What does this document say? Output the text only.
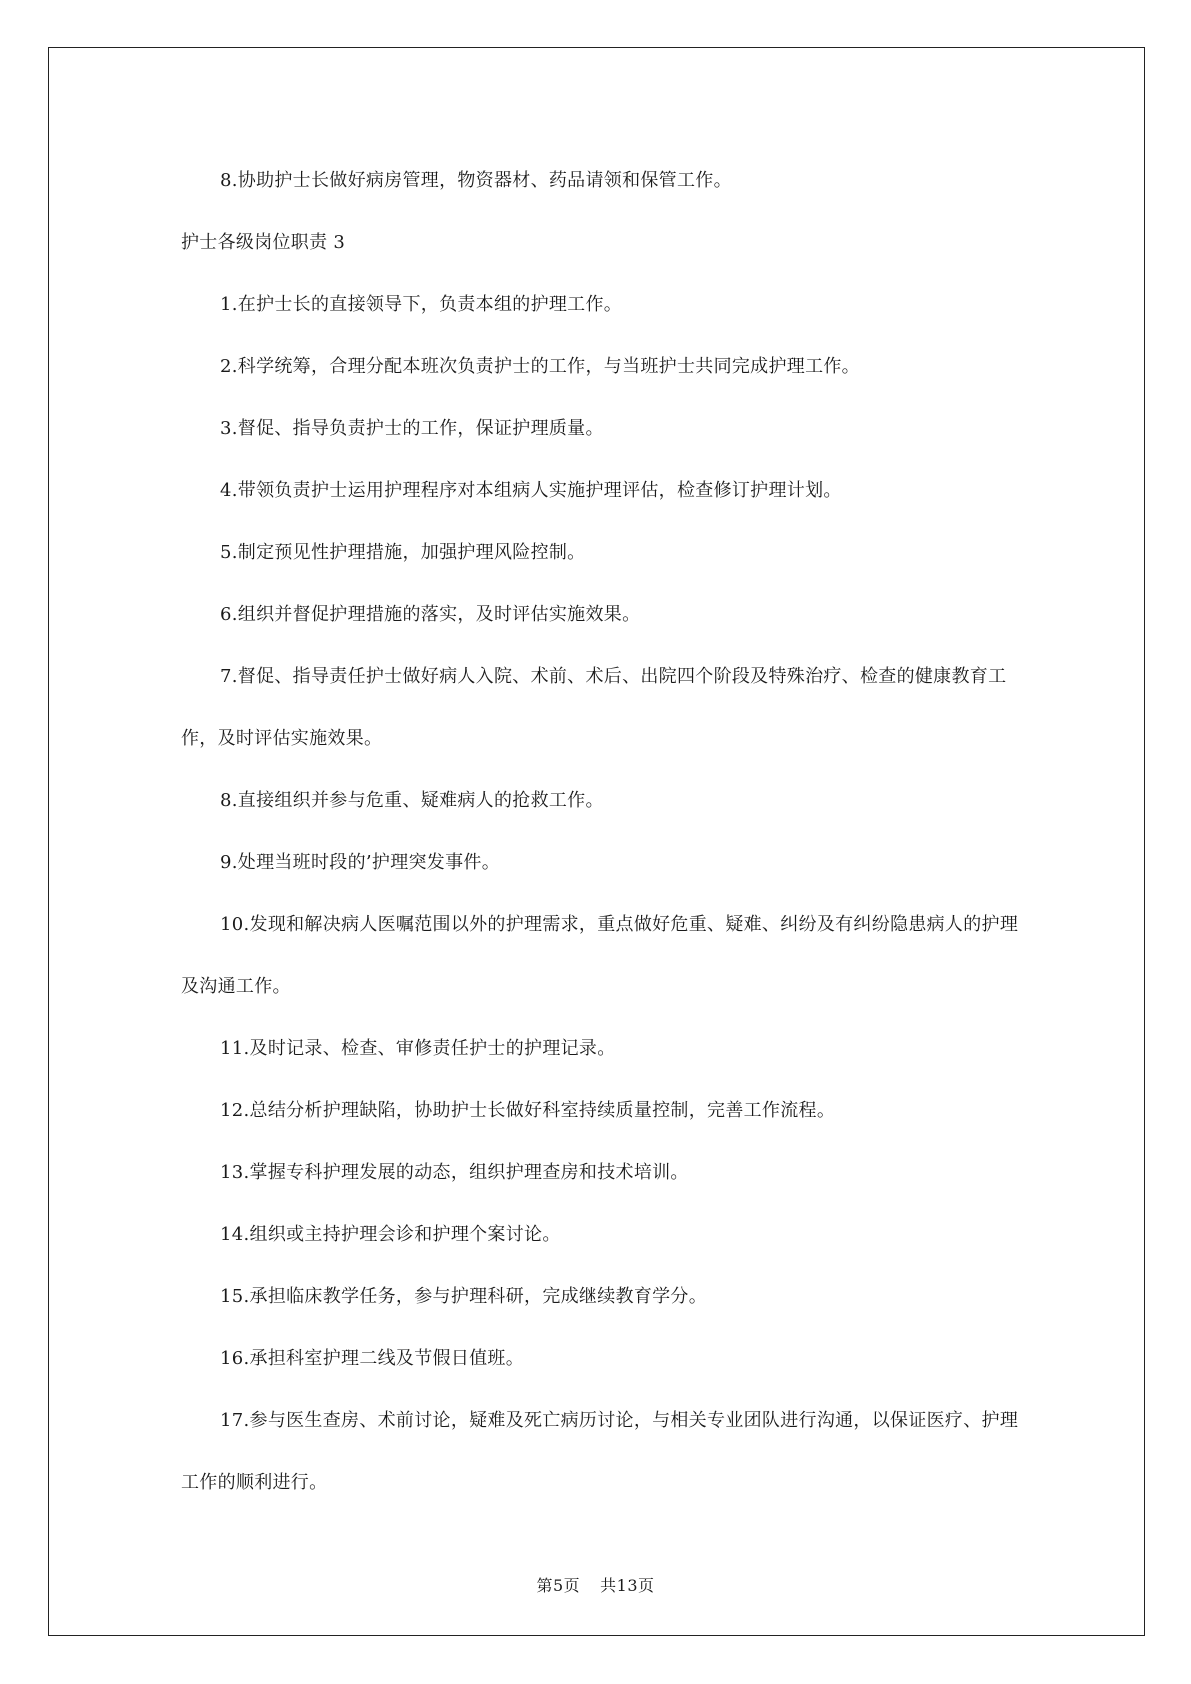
8.协助护士长做好病房管理，物资器材、药品请领和保管工作。

护士各级岗位职责 3

1.在护士长的直接领导下，负责本组的护理工作。

2.科学统筹，合理分配本班次负责护士的工作，与当班护士共同完成护理工作。

3.督促、指导负责护士的工作，保证护理质量。

4.带领负责护士运用护理程序对本组病人实施护理评估，检查修订护理计划。

5.制定预见性护理措施，加强护理风险控制。

6.组织并督促护理措施的落实，及时评估实施效果。

7.督促、指导责任护士做好病人入院、术前、术后、出院四个阶段及特殊治疗、检查的健康教育工作，及时评估实施效果。

8.直接组织并参与危重、疑难病人的抢救工作。

9.处理当班时段的’护理突发事件。

10.发现和解决病人医嘱范围以外的护理需求，重点做好危重、疑难、纠纷及有纠纷隐患病人的护理及沟通工作。

11.及时记录、检查、审修责任护士的护理记录。

12.总结分析护理缺陷，协助护士长做好科室持续质量控制，完善工作流程。

13.掌握专科护理发展的动态，组织护理查房和技术培训。

14.组织或主持护理会诊和护理个案讨论。

15.承担临床教学任务，参与护理科研，完成继续教育学分。

16.承担科室护理二线及节假日值班。

17.参与医生查房、术前讨论，疑难及死亡病历讨论，与相关专业团队进行沟通，以保证医疗、护理工作的顺利进行。

第5页 共13页
